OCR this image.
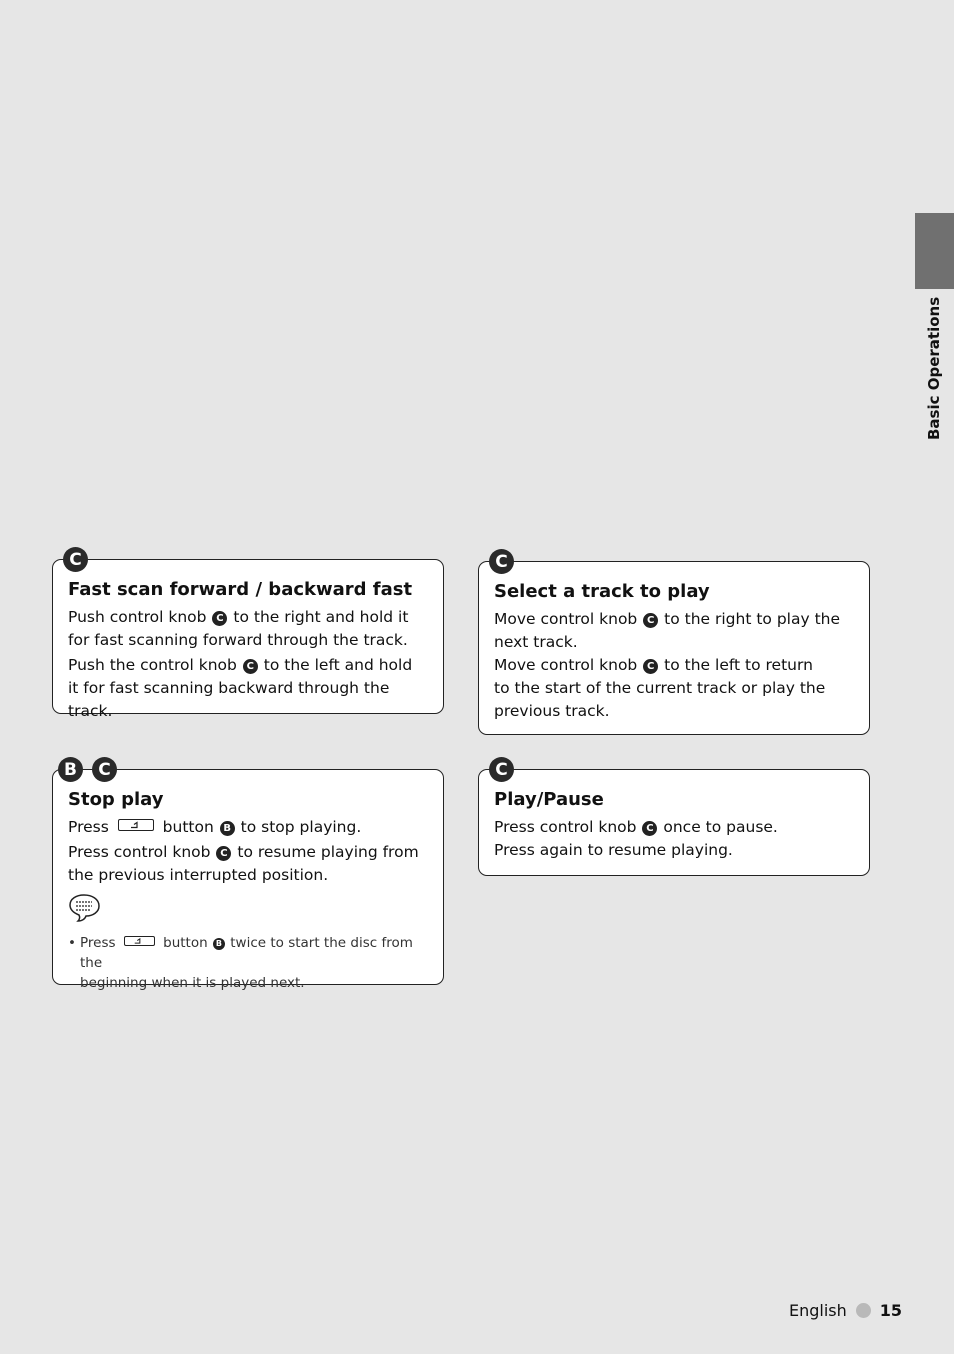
Basic Operations
C
Fast scan forward / backward fast

Push control knob C to the right and hold it
for fast scanning forward through the track.

Push the control knob C to the left and hold
it for fast scanning backward through the track.

C
Select a track to play

Move control knob C to the right to play the
next track.

Move control knob C to the left to return
to the start of the current track or play the
previous track.

B	C
Stop play

Press	button B to stop playing.

Press control knob C to resume playing from
the previous interrupted position.

• Press	button B twice to start the disc from the
beginning when it is played next.
C
Play/Pause

Press control knob C once to pause.
Press again to resume playing.

English 15
